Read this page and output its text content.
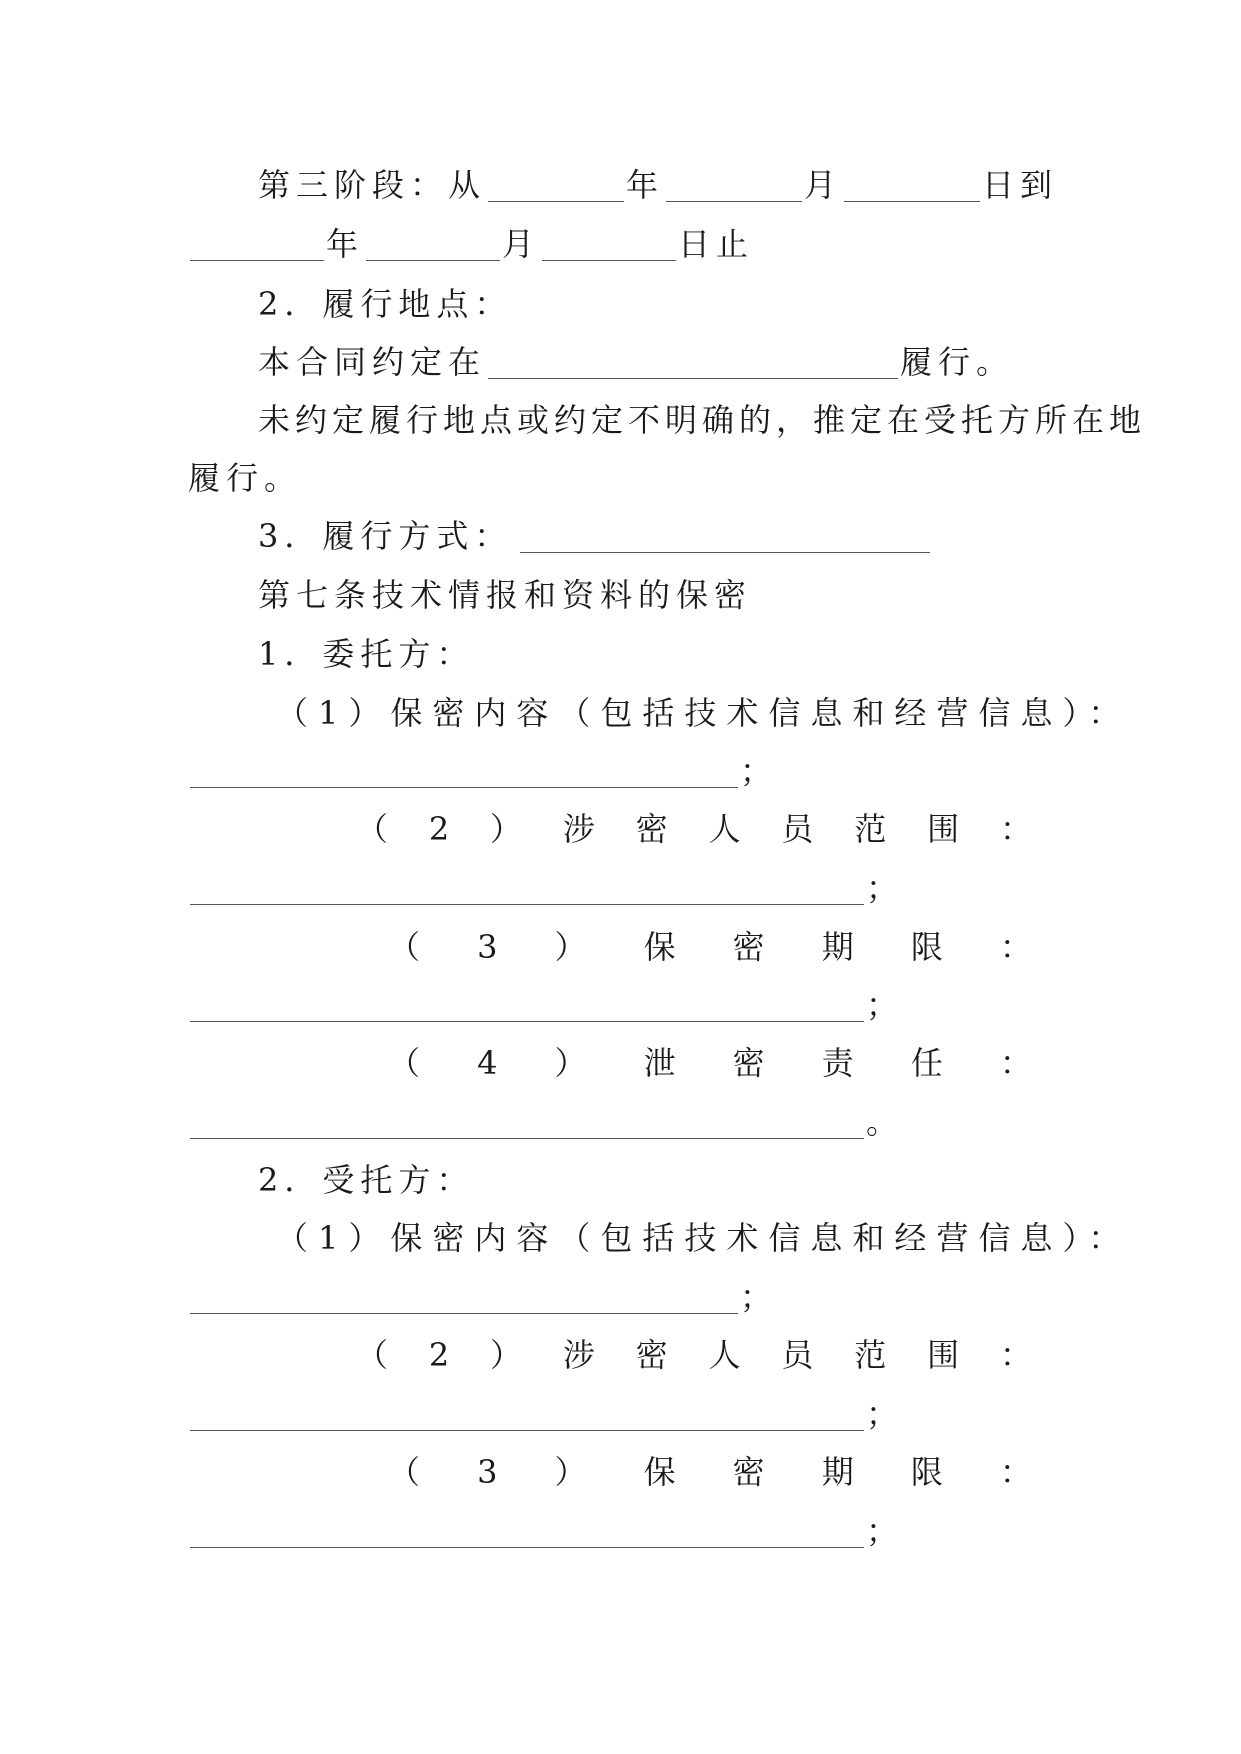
第三阶段：从	年	月	日到
年	月	日止
2．履行地点：
本合同约定在	履行。
未约定履行地点或约定不明确的，推定在受托方所在地
履行。
3．履行方式：
第七条技术情报和资料的保密
1．委托方：
（1）保密内容（包括技术信息和经营信息）：
；
（ 2 ） 涉 密 人 员 范 围 ：
；
（ 3 ） 保 密 期 限 ：
；
（ 4 ） 泄 密 责 任 ：
。
2．受托方：
（1）保密内容（包括技术信息和经营信息）：
；
（ 2 ） 涉 密 人 员 范 围 ：
；
（ 3 ） 保 密 期 限 ：
；
